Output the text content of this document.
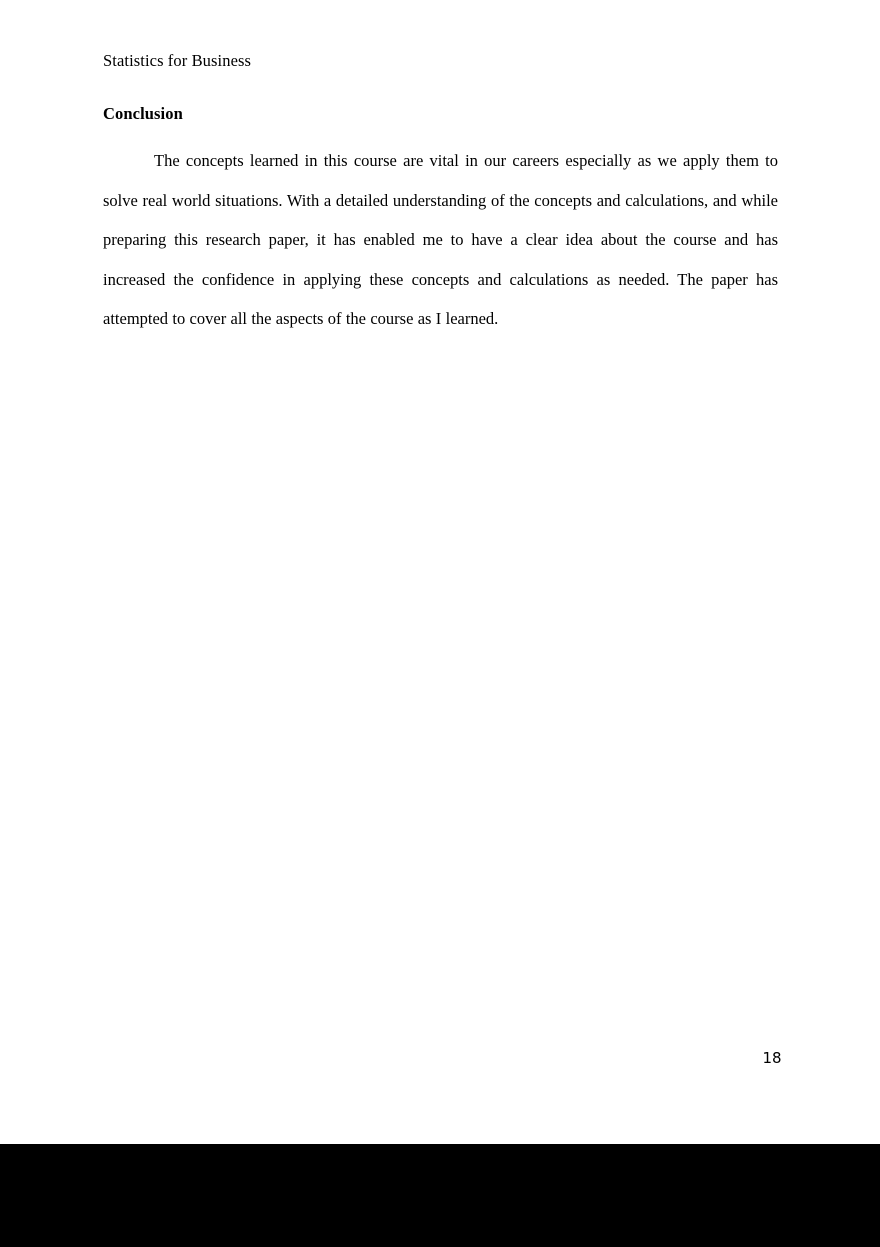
Statistics for Business
Conclusion

The concepts learned in this course are vital in our careers especially as we apply them to solve real world situations. With a detailed understanding of the concepts and calculations, and while preparing this research paper, it has enabled me to have a clear idea about the course and has increased the confidence in applying these concepts and calculations as needed. The paper has attempted to cover all the aspects of the course as I learned.

18
